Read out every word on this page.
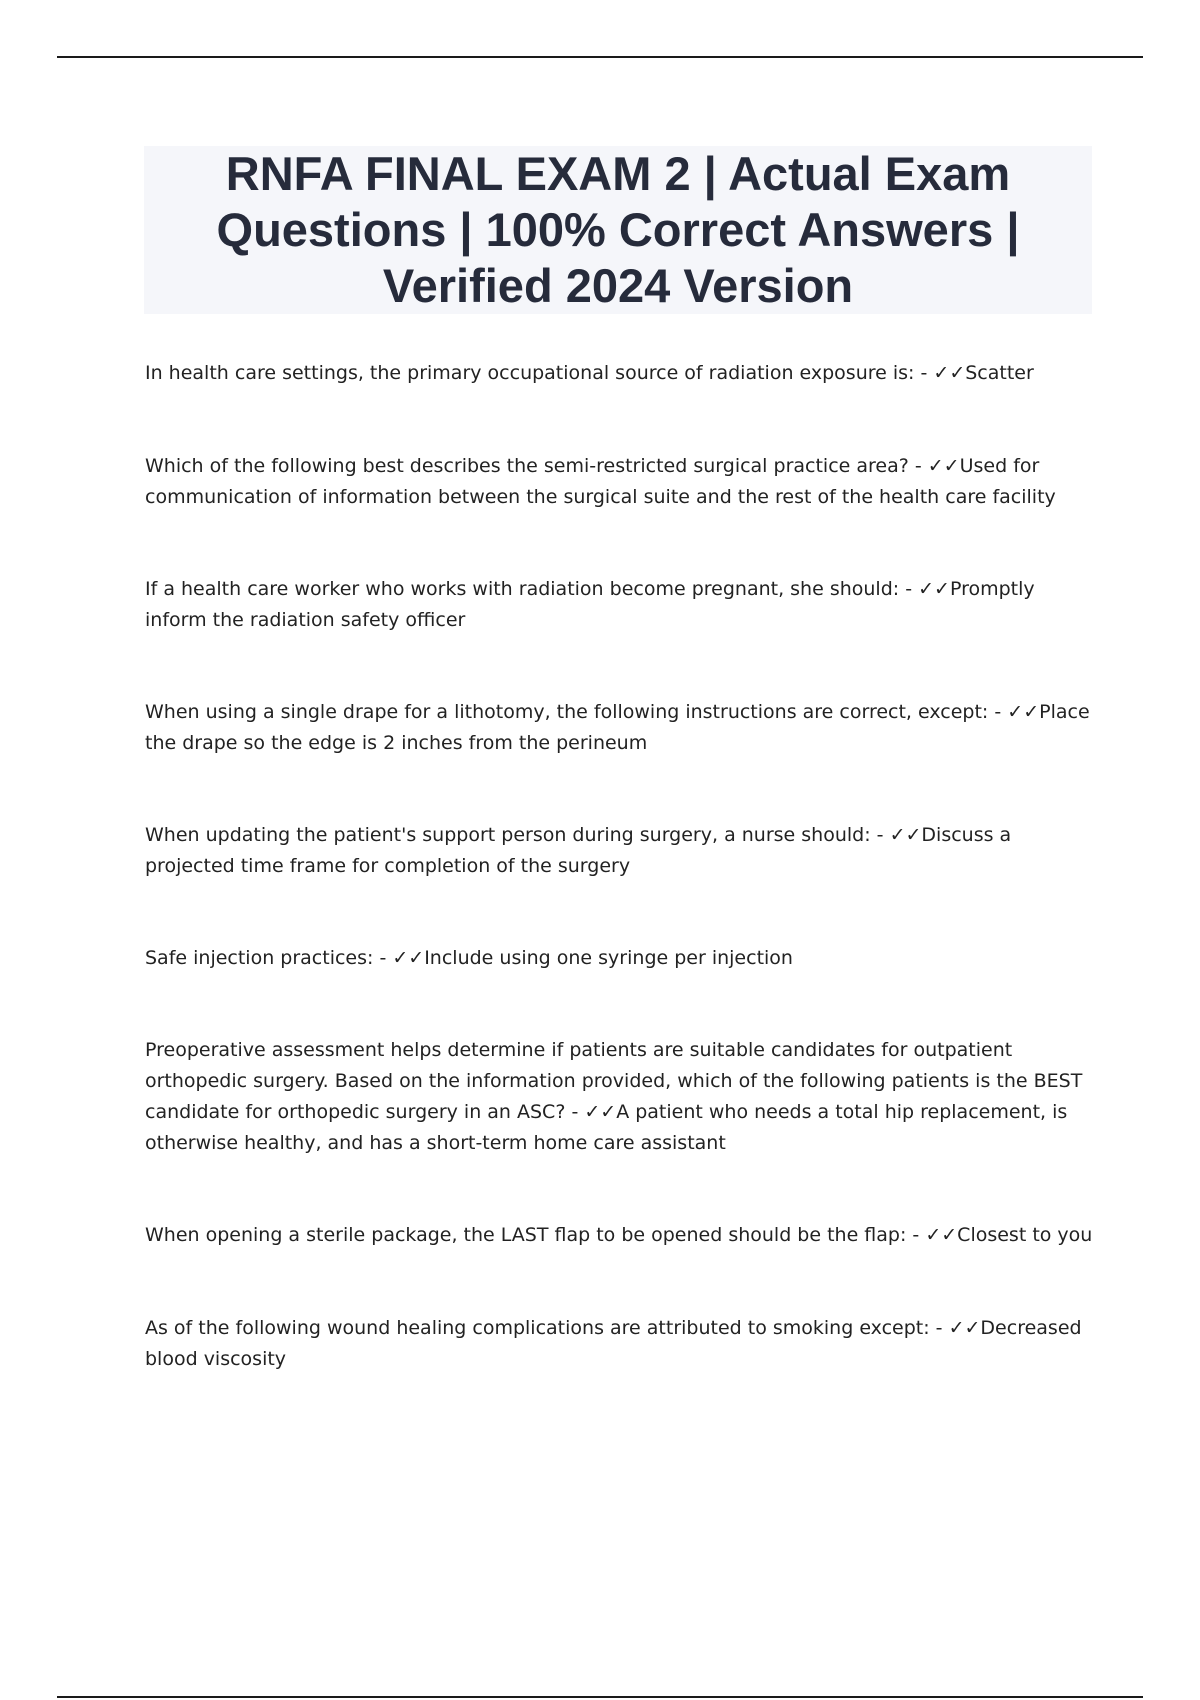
RNFA FINAL EXAM 2 | Actual Exam Questions | 100% Correct Answers | Verified 2024 Version
In health care settings, the primary occupational source of radiation exposure is: - ✓✓Scatter
Which of the following best describes the semi-restricted surgical practice area? - ✓✓Used for communication of information between the surgical suite and the rest of the health care facility
If a health care worker who works with radiation become pregnant, she should: - ✓✓Promptly inform the radiation safety officer
When using a single drape for a lithotomy, the following instructions are correct, except: - ✓✓Place the drape so the edge is 2 inches from the perineum
When updating the patient's support person during surgery, a nurse should: - ✓✓Discuss a projected time frame for completion of the surgery
Safe injection practices: - ✓✓Include using one syringe per injection
Preoperative assessment helps determine if patients are suitable candidates for outpatient orthopedic surgery. Based on the information provided, which of the following patients is the BEST candidate for orthopedic surgery in an ASC? - ✓✓A patient who needs a total hip replacement, is otherwise healthy, and has a short-term home care assistant
When opening a sterile package, the LAST flap to be opened should be the flap: - ✓✓Closest to you
As of the following wound healing complications are attributed to smoking except: - ✓✓Decreased blood viscosity
